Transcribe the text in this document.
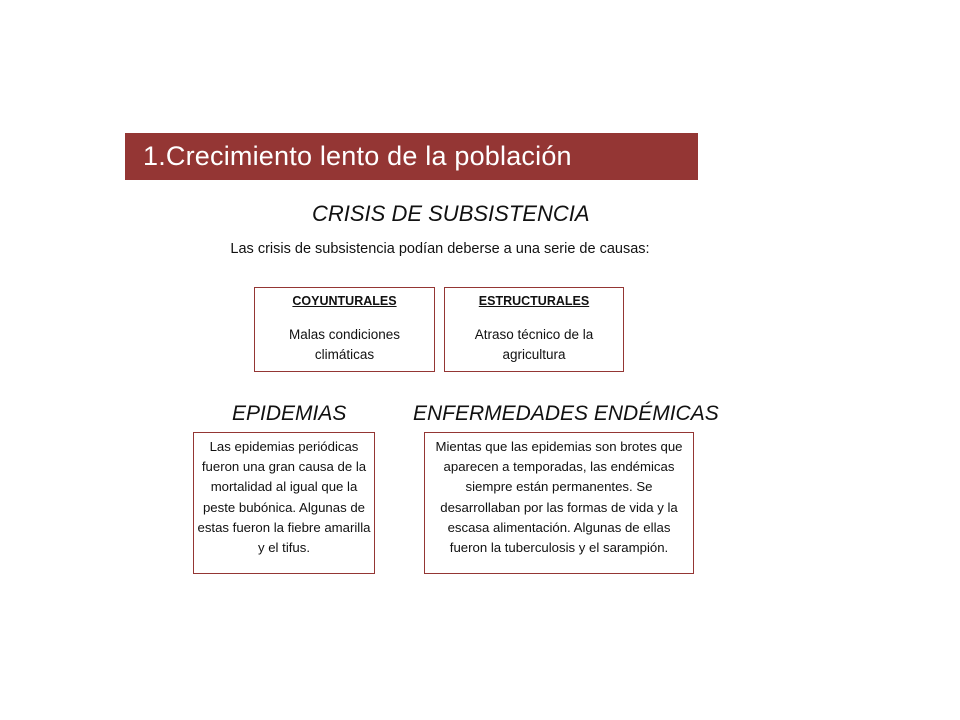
1.Crecimiento lento de la población
CRISIS DE SUBSISTENCIA
Las crisis de subsistencia podían deberse a una serie de causas:
COYUNTURALES
Malas condiciones climáticas
ESTRUCTURALES
Atraso técnico de la agricultura
EPIDEMIAS	ENFERMEDADES ENDÉMICAS
Las epidemias periódicas fueron una gran causa de la mortalidad al igual que la peste bubónica. Algunas de estas fueron la fiebre amarilla y el tifus.
Mientas que las epidemias son brotes que aparecen a temporadas, las endémicas siempre están permanentes. Se desarrollaban por las formas de vida y la escasa alimentación. Algunas de ellas fueron la tuberculosis y el sarampión.
